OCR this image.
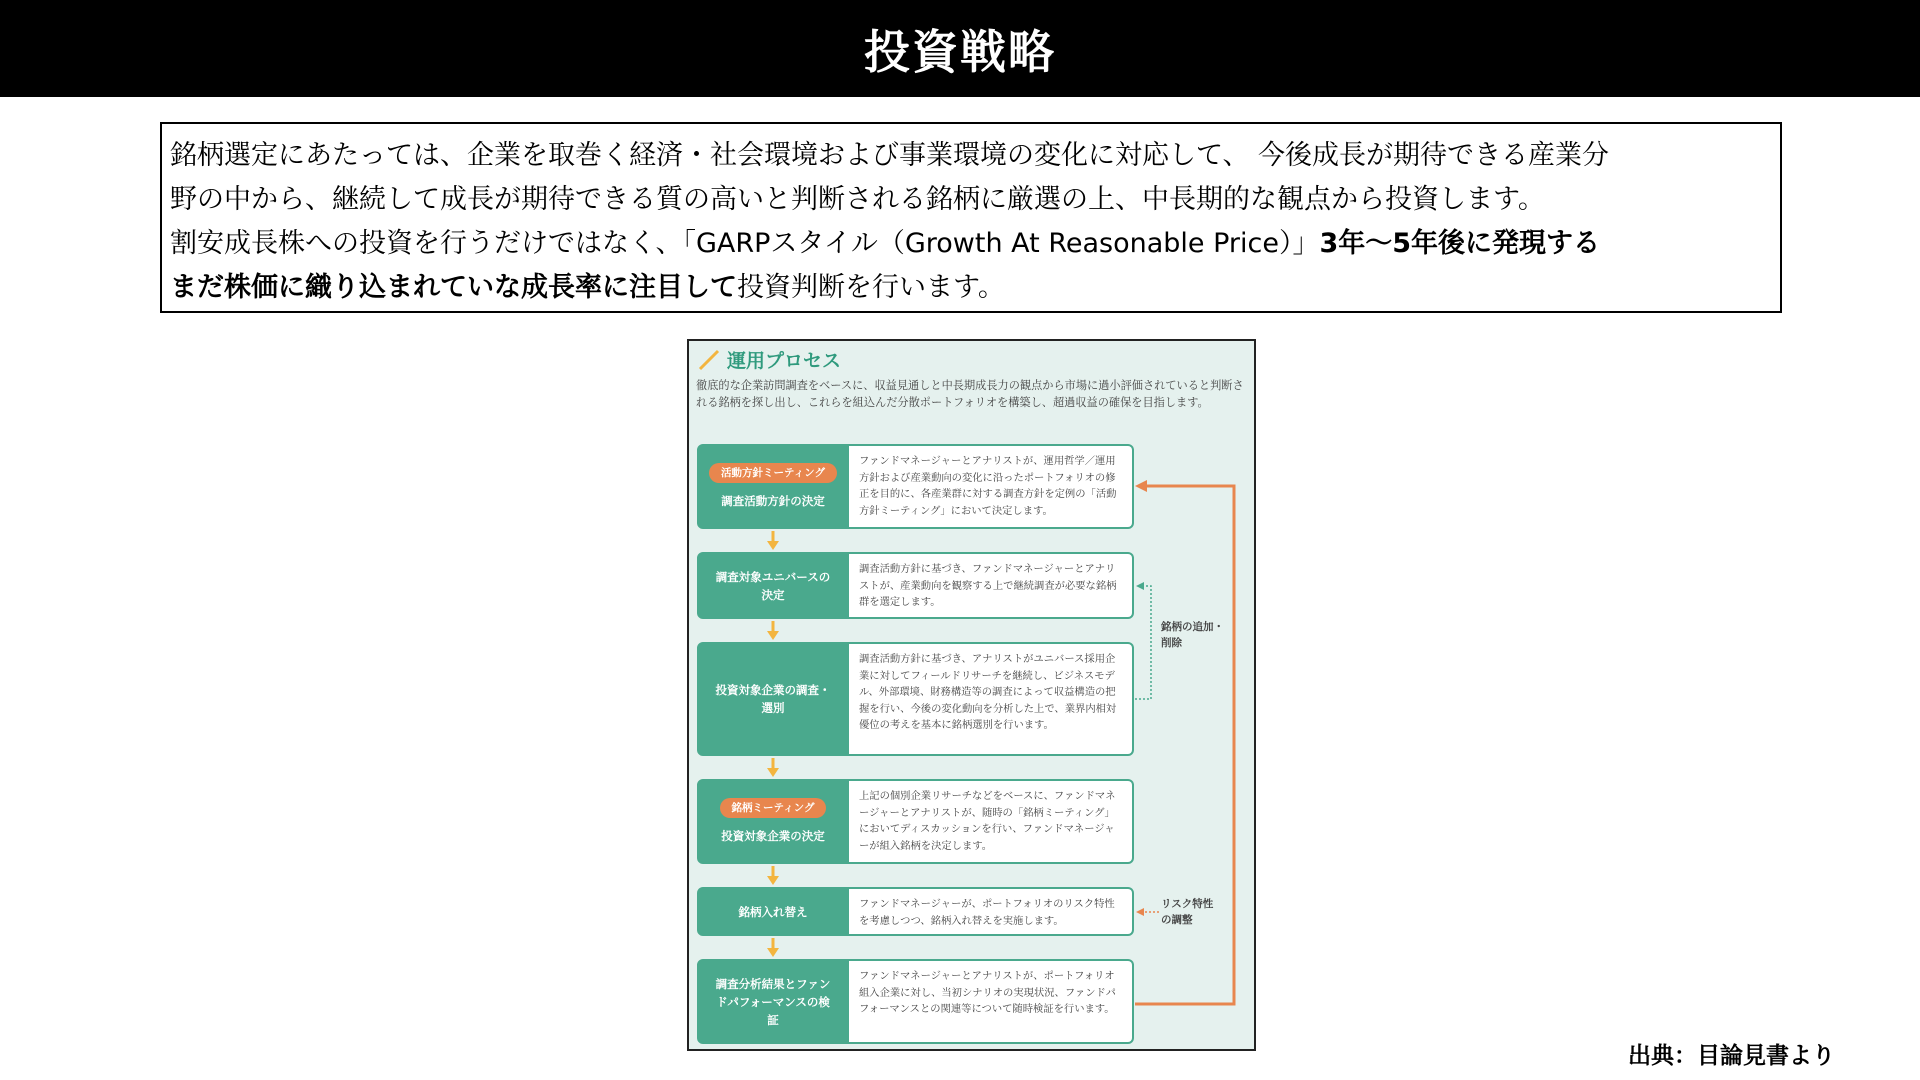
投資戦略

銘柄選定にあたっては、企業を取巻く経済・社会環境および事業環境の変化に対応して、 今後成長が期待できる産業分

野の中から、継続して成長が期待できる質の高いと判断される銘柄に厳選の上、中長期的な観点から投資します。

割安成長株への投資を行うだけではなく、「GARPスタイル（Growth At Reasonable Price）」3年〜5年後に発現する

まだ株価に織り込まれていな成長率に注目して投資判断を行います。

運用プロセス
徹底的な企業訪問調査をベースに、収益見通しと中長期成長力の観点から市場に過小評価されていると判断される銘柄を探し出し、これらを組込んだ分散ポートフォリオを構築し、超過収益の確保を目指します。
活動方針ミーティング
調査活動方針の決定
ファンドマネージャーとアナリストが、運用哲学／運用方針および産業動向の変化に沿ったポートフォリオの修正を目的に、各産業群に対する調査方針を定例の「活動方針ミーティング」において決定します。
調査対象ユニバースの決定
調査活動方針に基づき、ファンドマネージャーとアナリストが、産業動向を観察する上で継続調査が必要な銘柄群を選定します。
投資対象企業の調査・選別
調査活動方針に基づき、アナリストがユニバース採用企業に対してフィールドリサーチを継続し、ビジネスモデル、外部環境、財務構造等の調査によって収益構造の把握を行い、今後の変化動向を分析した上で、業界内相対優位の考えを基本に銘柄選別を行います。
銘柄ミーティング
投資対象企業の決定
上記の個別企業リサーチなどをベースに、ファンドマネージャーとアナリストが、随時の「銘柄ミーティング」においてディスカッションを行い、ファンドマネージャーが組入銘柄を決定します。
銘柄入れ替え
ファンドマネージャーが、ポートフォリオのリスク特性を考慮しつつ、銘柄入れ替えを実施します。
調査分析結果とファンドパフォーマンスの検証
ファンドマネージャーとアナリストが、ポートフォリオ組入企業に対し、当初シナリオの実現状況、ファンドパフォーマンスとの関連等について随時検証を行います。
銘柄の追加・削除
リスク特性の調整
出典：目論見書より
